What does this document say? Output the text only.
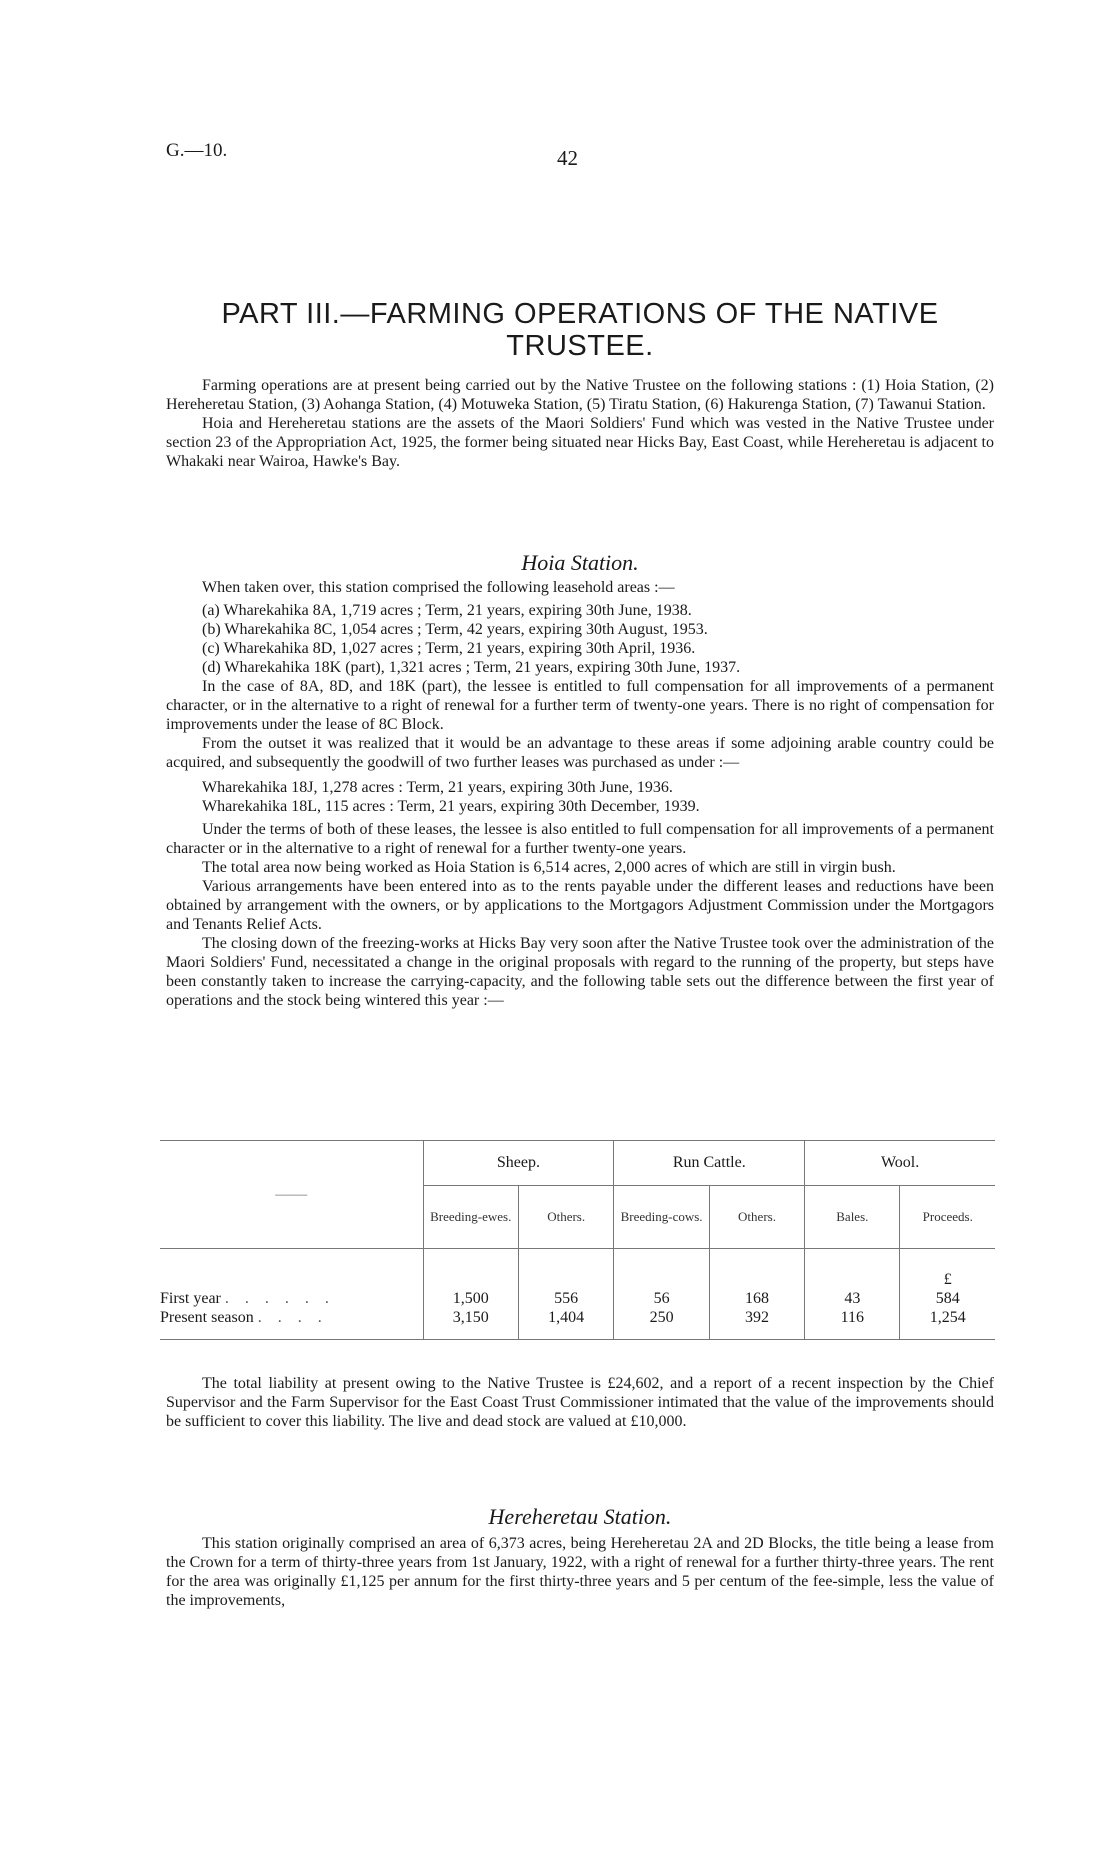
G.—10.	42
PART III.—FARMING OPERATIONS OF THE NATIVE TRUSTEE.

Farming operations are at present being carried out by the Native Trustee on the following stations : (1) Hoia Station, (2) Hereheretau Station, (3) Aohanga Station, (4) Motuweka Station, (5) Tiratu Station, (6) Hakurenga Station, (7) Tawanui Station.

Hoia and Hereheretau stations are the assets of the Maori Soldiers' Fund which was vested in the Native Trustee under section 23 of the Appropriation Act, 1925, the former being situated near Hicks Bay, East Coast, while Hereheretau is adjacent to Whakaki near Wairoa, Hawke's Bay.

Hoia Station.

When taken over, this station comprised the following leasehold areas :—

(a) Wharekahika 8A, 1,719 acres ; Term, 21 years, expiring 30th June, 1938.
(b) Wharekahika 8C, 1,054 acres ; Term, 42 years, expiring 30th August, 1953.
(c) Wharekahika 8D, 1,027 acres ; Term, 21 years, expiring 30th April, 1936.
(d) Wharekahika 18K (part), 1,321 acres ; Term, 21 years, expiring 30th June, 1937.

In the case of 8A, 8D, and 18K (part), the lessee is entitled to full compensation for all improvements of a permanent character, or in the alternative to a right of renewal for a further term of twenty-one years. There is no right of compensation for improvements under the lease of 8C Block.

From the outset it was realized that it would be an advantage to these areas if some adjoining arable country could be acquired, and subsequently the goodwill of two further leases was purchased as under :—

Wharekahika 18J, 1,278 acres : Term, 21 years, expiring 30th June, 1936.
Wharekahika 18L, 115 acres : Term, 21 years, expiring 30th December, 1939.

Under the terms of both of these leases, the lessee is also entitled to full compensation for all improvements of a permanent character or in the alternative to a right of renewal for a further twenty-one years.

The total area now being worked as Hoia Station is 6,514 acres, 2,000 acres of which are still in virgin bush.

Various arrangements have been entered into as to the rents payable under the different leases and reductions have been obtained by arrangement with the owners, or by applications to the Mortgagors Adjustment Commission under the Mortgagors and Tenants Relief Acts.

The closing down of the freezing-works at Hicks Bay very soon after the Native Trustee took over the administration of the Maori Soldiers' Fund, necessitated a change in the original proposals with regard to the running of the property, but steps have been constantly taken to increase the carrying-capacity, and the following table sets out the difference between the first year of operations and the stock being wintered this year :—

——	Sheep.		Run Cattle.		Wool.	
	Breeding-ewes.	Others.	Breeding-cows.	Others.	Bales.	Proceeds.
						£
First year . . . . . .	1,500	556	56	168	43	584
Present season . . . .	3,150	1,404	250	392	116	1,254

The total liability at present owing to the Native Trustee is £24,602, and a report of a recent inspection by the Chief Supervisor and the Farm Supervisor for the East Coast Trust Commissioner intimated that the value of the improvements should be sufficient to cover this liability. The live and dead stock are valued at £10,000.

Hereheretau Station.

This station originally comprised an area of 6,373 acres, being Hereheretau 2A and 2D Blocks, the title being a lease from the Crown for a term of thirty-three years from 1st January, 1922, with a right of renewal for a further thirty-three years. The rent for the area was originally £1,125 per annum for the first thirty-three years and 5 per centum of the fee-simple, less the value of the improvements,
